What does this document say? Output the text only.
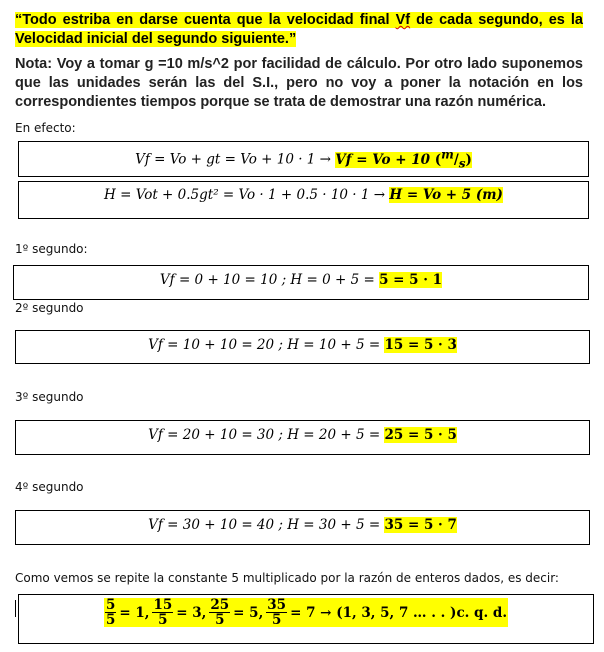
“Todo estriba en darse cuenta que la velocidad final Vf de cada segundo, es la Velocidad inicial del segundo siguiente.”
Nota: Voy a tomar g =10 m/s^2 por facilidad de cálculo. Por otro lado suponemos que las unidades serán las del S.I., pero no voy a poner la notación en los correspondientes tiempos porque se trata de demostrar una razón numérica.
En efecto:
Vf = Vo + gt = Vo + 10 · 1 → Vf = Vo + 10 $(^m/_s)$
H = Vot + 0.5gt² = Vo · 1 + 0.5 · 10 · 1 → H = Vo + 5 (m)
1º segundo:
Vf = 0 + 10 = 10 ; H = 0 + 5 = 5 = 5 · 1
2º segundo
Vf = 10 + 10 = 20 ; H = 10 + 5 = 15 = 5 · 3
3º segundo
Vf = 20 + 10 = 30 ; H = 20 + 5 = 25 = 5 · 5
4º segundo
Vf = 30 + 10 = 40 ; H = 30 + 5 = 35 = 5 · 7
Como vemos se repite la constante 5 multiplicado por la razón de enteros dados, es decir:
$\frac{5}{5} = 1$, $\frac{15}{5} = 3$, $\frac{25}{5} = 5$, $\frac{35}{5} = 7 \to (1$, 3, 5, 7 … . . )c. q. d.
